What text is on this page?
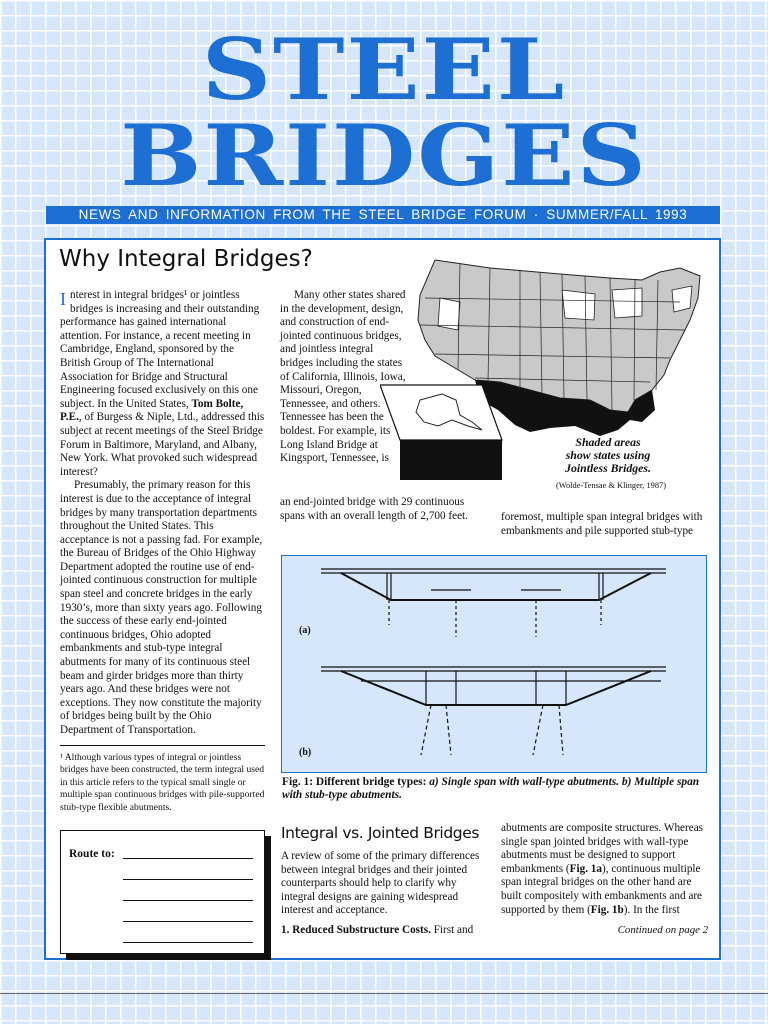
STEEL
BRIDGES
NEWS AND INFORMATION FROM THE STEEL BRIDGE FORUM · SUMMER/FALL 1993
Why Integral Bridges?

Interest in integral bridges¹ or jointless bridges is increasing and their outstanding performance has gained international attention. For instance, a recent meeting in Cambridge, England, sponsored by the British Group of The International Association for Bridge and Structural Engineering focused exclusively on this one subject. In the United States, Tom Bolte, P.E., of Burgess & Niple, Ltd., addressed this subject at recent meetings of the Steel Bridge Forum in Baltimore, Maryland, and Albany, New York. What provoked such widespread interest?

Presumably, the primary reason for this interest is due to the acceptance of integral bridges by many transportation departments throughout the United States. This acceptance is not a passing fad. For example, the Bureau of Bridges of the Ohio Highway Department adopted the routine use of end-jointed continuous construction for multiple span steel and concrete bridges in the early 1930’s, more than sixty years ago. Following the success of these early end-jointed continuous bridges, Ohio adopted embankments and stub-type integral abutments for many of its continuous steel beam and girder bridges more than thirty years ago. And these bridges were not exceptions. They now constitute the majority of bridges being built by the Ohio Department of Transportation.

Many other states shared in the development, design, and construction of end-jointed continuous bridges, and jointless integral bridges including the states of California, Illinois, Iowa, Missouri, Oregon, Tennessee, and others. Tennessee has been the boldest. For example, its Long Island Bridge at Kingsport, Tennessee, is

an end-jointed bridge with 29 continuous spans with an overall length of 2,700 feet.	foremost, multiple span integral bridges with embankments and pile supported stub-type

¹ Although various types of integral or jointless bridges have been constructed, the term integral used in this article refers to the typical small single or multiple span continuous bridges with pile-supported stub-type flexible abutments.
Shaded areas
show states using
Jointless Bridges.
(Wolde-Tensae & Klinger, 1987)
(a)
(b)
Fig. 1: Different bridge types: a) Single span with wall-type abutments. b) Multiple span with stub-type abutments.
Route to:
Integral vs. Jointed Bridges

A review of some of the primary differences between integral bridges and their jointed counterparts should help to clarify why integral designs are gaining widespread interest and acceptance.

1. Reduced Substructure Costs. First and

abutments are composite structures. Whereas single span jointed bridges with wall-type abutments must be designed to support embankments (Fig. 1a), continuous multiple span integral bridges on the other hand are built compositely with embankments and are supported by them (Fig. 1b). In the first

Continued on page 2
